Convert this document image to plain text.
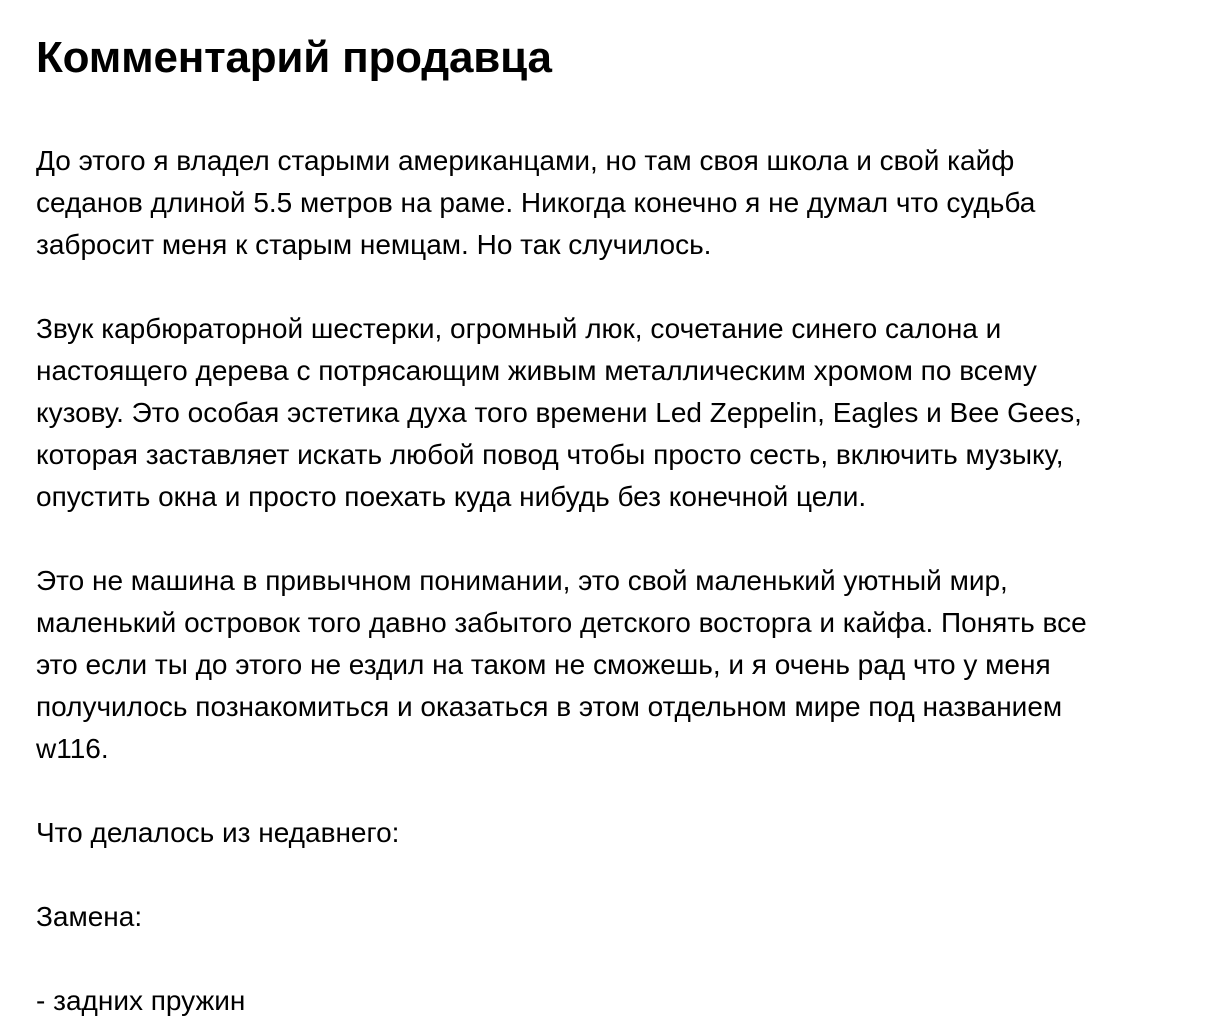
Комментарий продавца
До этого я владел старыми американцами, но там своя школа и свой кайф
седанов длиной 5.5 метров на раме. Никогда конечно я не думал что судьба
забросит меня к старым немцам. Но так случилось.
Звук карбюраторной шестерки, огромный люк, сочетание синего салона и
настоящего дерева с потрясающим живым металлическим хромом по всему
кузову. Это особая эстетика духа того времени Led Zeppelin, Eagles и Bee Gees,
которая заставляет искать любой повод чтобы просто сесть, включить музыку,
опустить окна и просто поехать куда нибудь без конечной цели.
Это не машина в привычном понимании, это свой маленький уютный мир,
маленький островок того давно забытого детского восторга и кайфа. Понять все
это если ты до этого не ездил на таком не сможешь, и я очень рад что у меня
получилось познакомиться и оказаться в этом отдельном мире под названием
w116.
Что делалось из недавнего:
Замена:
- задних пружин
